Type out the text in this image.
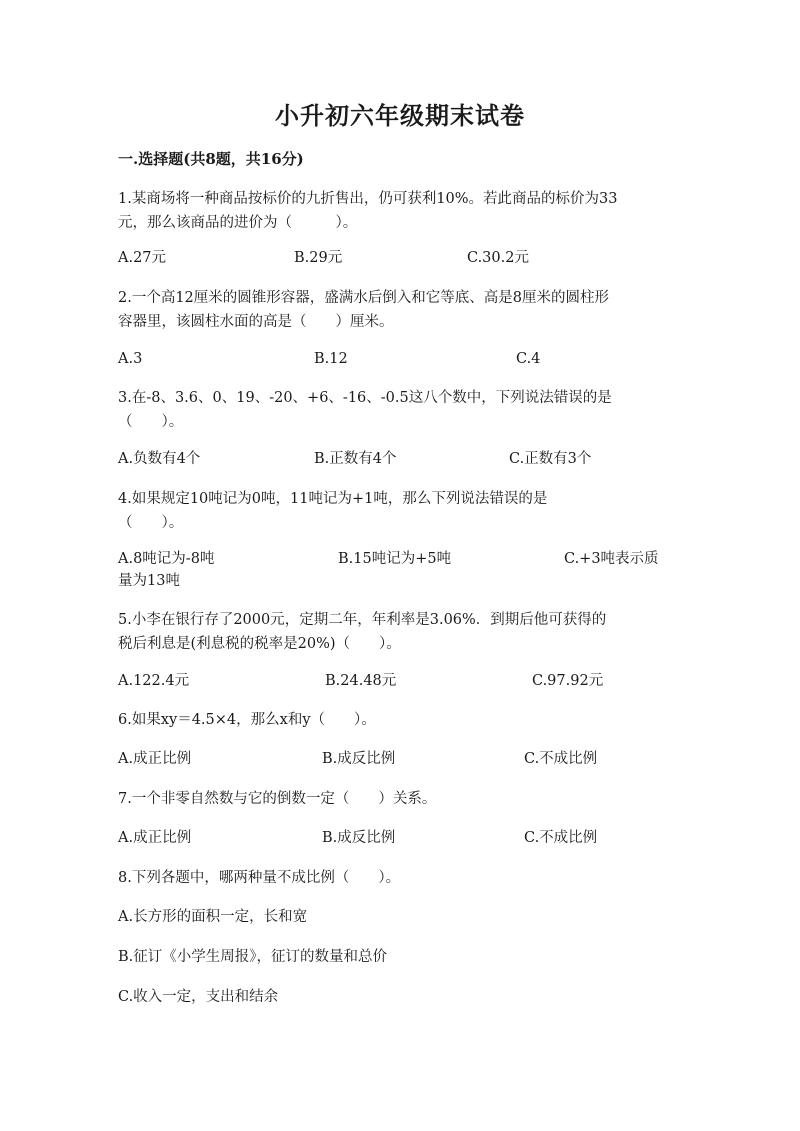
小升初六年级期末试卷
一.选择题(共8题，共16分)
1.某商场将一种商品按标价的九折售出，仍可获利10%。若此商品的标价为33
元，那么该商品的进价为（　　　）。
A.27元	B.29元	C.30.2元
2.一个高12厘米的圆锥形容器，盛满水后倒入和它等底、高是8厘米的圆柱形
容器里，该圆柱水面的高是（　　）厘米。
A.3	B.12	C.4
3.在-8、3.6、0、19、-20、+6、-16、-0.5这八个数中，下列说法错误的是
（　　）。
A.负数有4个	B.正数有4个	C.正数有3个
4.如果规定10吨记为0吨，11吨记为+1吨，那么下列说法错误的是
（　　）。
A.8吨记为-8吨	B.15吨记为+5吨	C.+3吨表示质
量为13吨
5.小李在银行存了2000元，定期二年，年利率是3.06%．到期后他可获得的
税后利息是(利息税的税率是20%)（　　）。
A.122.4元	B.24.48元	C.97.92元
6.如果xy＝4.5×4，那么x和y（　　）。
A.成正比例	B.成反比例	C.不成比例
7.一个非零自然数与它的倒数一定（　　）关系。
A.成正比例	B.成反比例	C.不成比例
8.下列各题中，哪两种量不成比例（　　）。
A.长方形的面积一定，长和宽
B.征订《小学生周报》，征订的数量和总价
C.收入一定，支出和结余
